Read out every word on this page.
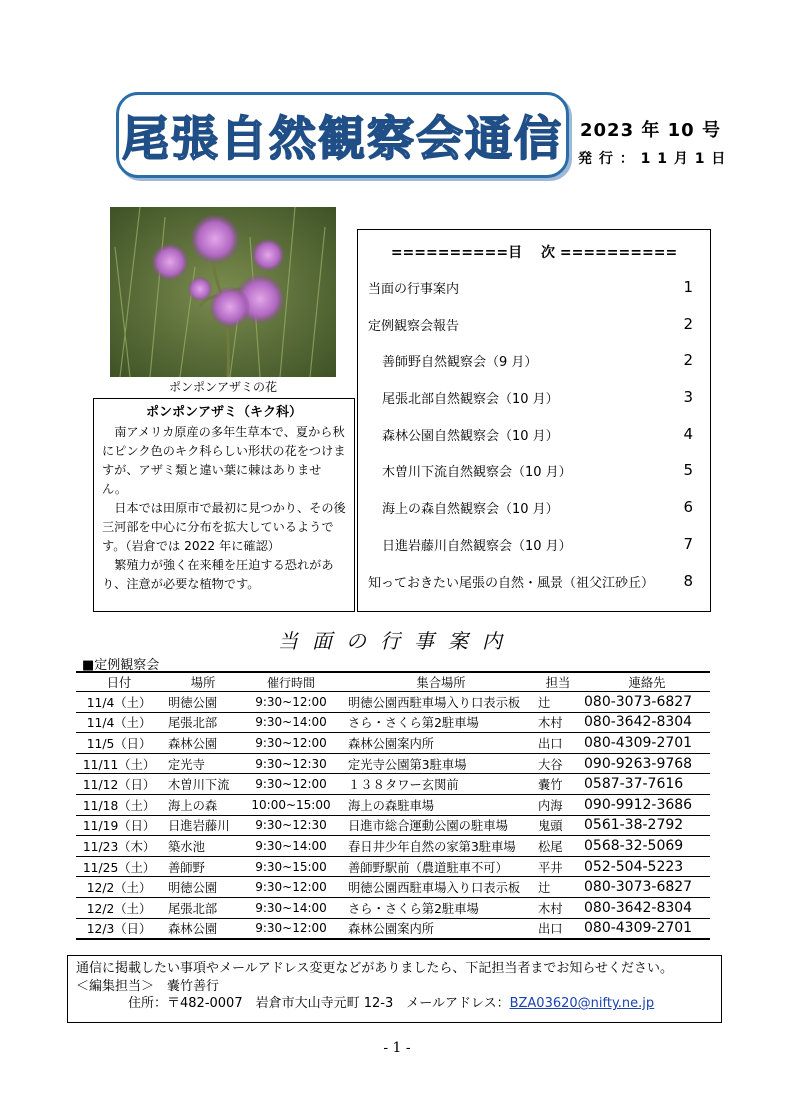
尾張自然観察会通信 2023 年 10 号
発 行 ： 1 1 月 1 日
ポンポンアザミの花
ポンポンアザミ（キク科）

南アメリカ原産の多年生草本で、夏から秋にピンク色のキク科らしい形状の花をつけますが、アザミ類と違い葉に棘はありません。

日本では田原市で最初に見つかり、その後三河部を中心に分布を拡大しているようです。（岩倉では 2022 年に確認）

繁殖力が強く在来種を圧迫する恐れがあり、注意が必要な植物です。

==========目　 次 ==========
当面の行事案内	1
定例観察会報告	2
善師野自然観察会（9 月）	2
尾張北部自然観察会（10 月）	3
森林公園自然観察会（10 月）	4
木曽川下流自然観察会（10 月）	5
海上の森自然観察会（10 月）	6
日進岩藤川自然観察会（10 月）	7
知っておきたい尾張の自然・風景（祖父江砂丘） 8
当面の行事案内
■定例観察会
日付	場所	催行時間	集合場所	担当	連絡先
11/4（土）	明徳公園	9:30~12:00	明徳公園西駐車場入り口表示板	辻	080-3073-6827
11/4（土）	尾張北部	9:30~14:00	さら・さくら第2駐車場	木村	080-3642-8304
11/5（日）	森林公園	9:30~12:00	森林公園案内所	出口	080-4309-2701
11/11（土）	定光寺	9:30~12:30	定光寺公園第3駐車場	大谷	090-9263-9768
11/12（日）	木曽川下流	9:30~12:00	１３８タワー玄関前	嚢竹	0587-37-7616
11/18（土）	海上の森	10:00~15:00	海上の森駐車場	内海	090-9912-3686
11/19（日）	日進岩藤川	9:30~12:30	日進市総合運動公園の駐車場	鬼頭	0561-38-2792
11/23（木）	築水池	9:30~14:00	春日井少年自然の家第3駐車場	松尾	0568-32-5069
11/25（土）	善師野	9:30~15:00	善師野駅前（農道駐車不可）	平井	052-504-5223
12/2（土）	明徳公園	9:30~12:00	明徳公園西駐車場入り口表示板	辻	080-3073-6827
12/2（土）	尾張北部	9:30~14:00	さら・さくら第2駐車場	木村	080-3642-8304
12/3（日）	森林公園	9:30~12:00	森林公園案内所	出口	080-4309-2701
通信に掲載したい事項やメールアドレス変更などがありましたら、下記担当者までお知らせください。
＜編集担当＞　 嚢竹善行
住所：〒482-0007　岩倉市大山寺元町 12-3　メールアドレス：BZA03620@nifty.ne.jp
- 1 -
